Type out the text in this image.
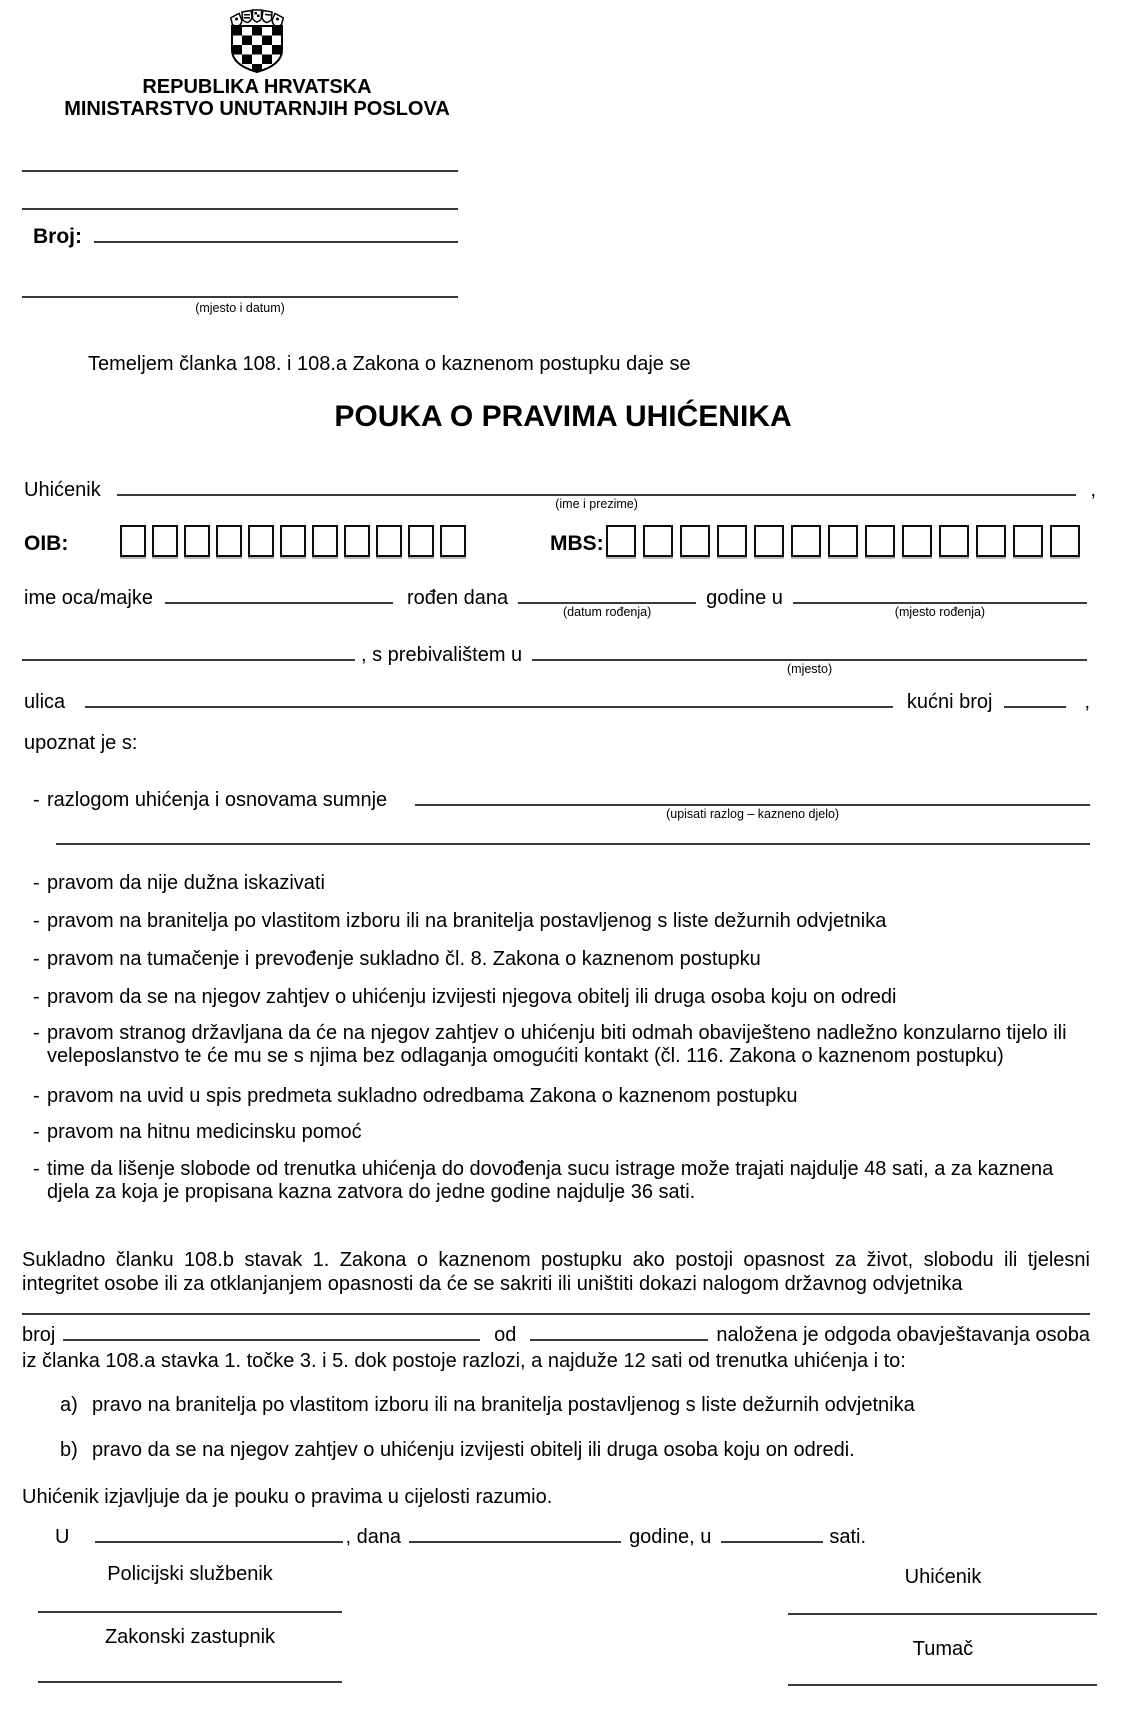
REPUBLIKA HRVATSKA
MINISTARSTVO UNUTARNJIH POSLOVA
Broj:
(mjesto i datum)
Temeljem članka 108. i 108.a Zakona o kaznenom postupku daje se
POUKA O PRAVIMA UHIĆENIKA
Uhićenik
(ime i prezime)
,
OIB:	MBS:
ime oca/majke	rođen dana
(datum rođenja)
godine u
(mjesto rođenja)
, s prebivalištem u
(mjesto)
ulica	kućni broj	,
upoznat je s:
- razlogom uhićenja i osnovama sumnje
(upisati razlog – kazneno djelo)
- pravom da nije dužna iskazivati
- pravom na branitelja po vlastitom izboru ili na branitelja postavljenog s liste dežurnih odvjetnika
- pravom na tumačenje i prevođenje sukladno čl. 8. Zakona o kaznenom postupku
- pravom da se na njegov zahtjev o uhićenju izvijesti njegova obitelj ili druga osoba koju on odredi
- pravom stranog državljana da će na njegov zahtjev o uhićenju biti odmah obaviješteno nadležno konzularno tijelo ili veleposlanstvo te će mu se s njima bez odlaganja omogućiti kontakt (čl. 116. Zakona o kaznenom postupku)
- pravom na uvid u spis predmeta sukladno odredbama Zakona o kaznenom postupku
- pravom na hitnu medicinsku pomoć
- time da lišenje slobode od trenutka uhićenja do dovođenja sucu istrage može trajati najdulje 48 sati, a za kaznena djela za koja je propisana kazna zatvora do jedne godine najdulje 36 sati.
Sukladno članku 108.b stavak 1. Zakona o kaznenom postupku ako postoji opasnost za život, slobodu ili tjelesni integritet osobe ili za otklanjanjem opasnosti da će se sakriti ili uništiti dokazi nalogom državnog odvjetnika
broj	od	naložena je odgoda obavještavanja osoba
iz članka 108.a stavka 1. točke 3. i 5. dok postoje razlozi, a najduže 12 sati od trenutka uhićenja i to:
a) pravo na branitelja po vlastitom izboru ili na branitelja postavljenog s liste dežurnih odvjetnika
b) pravo da se na njegov zahtjev o uhićenju izvijesti obitelj ili druga osoba koju on odredi.
Uhićenik izjavljuje da je pouku o pravima u cijelosti razumio.
U	, dana	godine, u	sati.
Policijski službenik	Uhićenik
Zakonski zastupnik
Tumač
